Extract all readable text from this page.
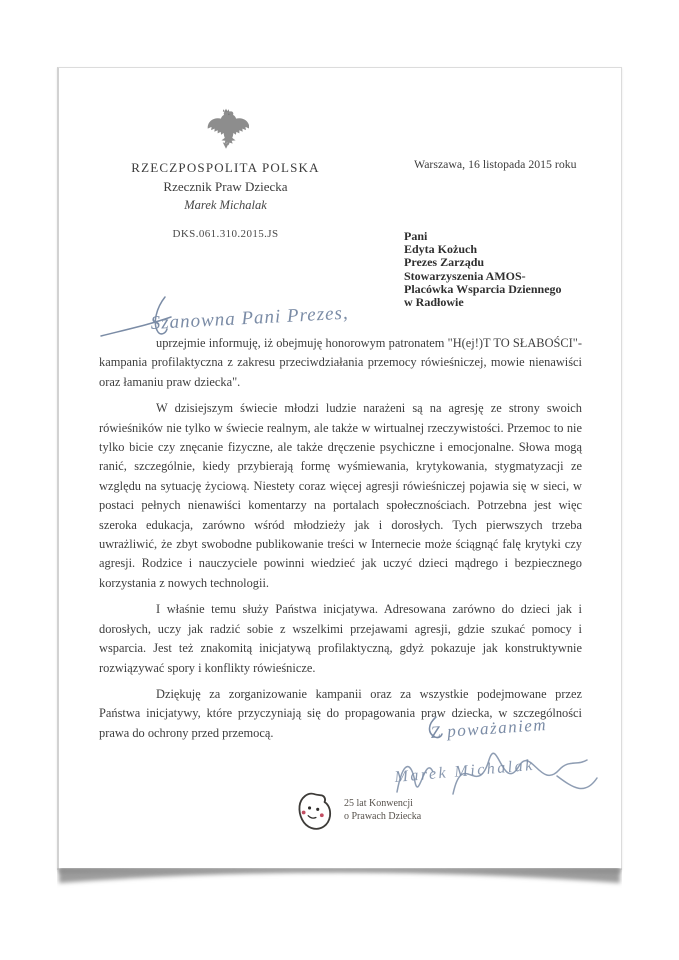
RZECZPOSPOLITA POLSKA
Rzecznik Praw Dziecka
Marek Michalak
DKS.061.310.2015.JS
Warszawa, 16 listopada 2015 roku
Pani
Edyta Kożuch
Prezes Zarządu
Stowarzyszenia AMOS-
Placówka Wsparcia Dziennego
w Radłowie
Szanowna Pani Prezes,

uprzejmie informuję, iż obejmuję honorowym patronatem "H(ej!)T TO SŁABOŚCI"- kampania profilaktyczna z zakresu przeciwdziałania przemocy rówieśniczej, mowie nienawiści oraz łamaniu praw dziecka".

W dzisiejszym świecie młodzi ludzie narażeni są na agresję ze strony swoich rówieśników nie tylko w świecie realnym, ale także w wirtualnej rzeczywistości. Przemoc to nie tylko bicie czy znęcanie fizyczne, ale także dręczenie psychiczne i emocjonalne. Słowa mogą ranić, szczególnie, kiedy przybierają formę wyśmiewania, krytykowania, stygmatyzacji ze względu na sytuację życiową. Niestety coraz więcej agresji rówieśniczej pojawia się w sieci, w postaci pełnych nienawiści komentarzy na portalach społecznościach. Potrzebna jest więc szeroka edukacja, zarówno wśród młodzieży jak i dorosłych. Tych pierwszych trzeba uwrażliwić, że zbyt swobodne publikowanie treści w Internecie może ściągnąć falę krytyki czy agresji. Rodzice i nauczyciele powinni wiedzieć jak uczyć dzieci mądrego i bezpiecznego korzystania z nowych technologii.

I właśnie temu służy Państwa inicjatywa. Adresowana zarówno do dzieci jak i dorosłych, uczy jak radzić sobie z wszelkimi przejawami agresji, gdzie szukać pomocy i wsparcia. Jest też znakomitą inicjatywą profilaktyczną, gdyż pokazuje jak konstruktywnie rozwiązywać spory i konflikty rówieśnicze.

Dziękuję za zorganizowanie kampanii oraz za wszystkie podejmowane przez Państwa inicjatywy, które przyczyniają się do propagowania praw dziecka, w szczególności prawa do ochrony przed przemocą.	Z poważaniem
Marek Michalak
25 lat Konwencji
o Prawach Dziecka
